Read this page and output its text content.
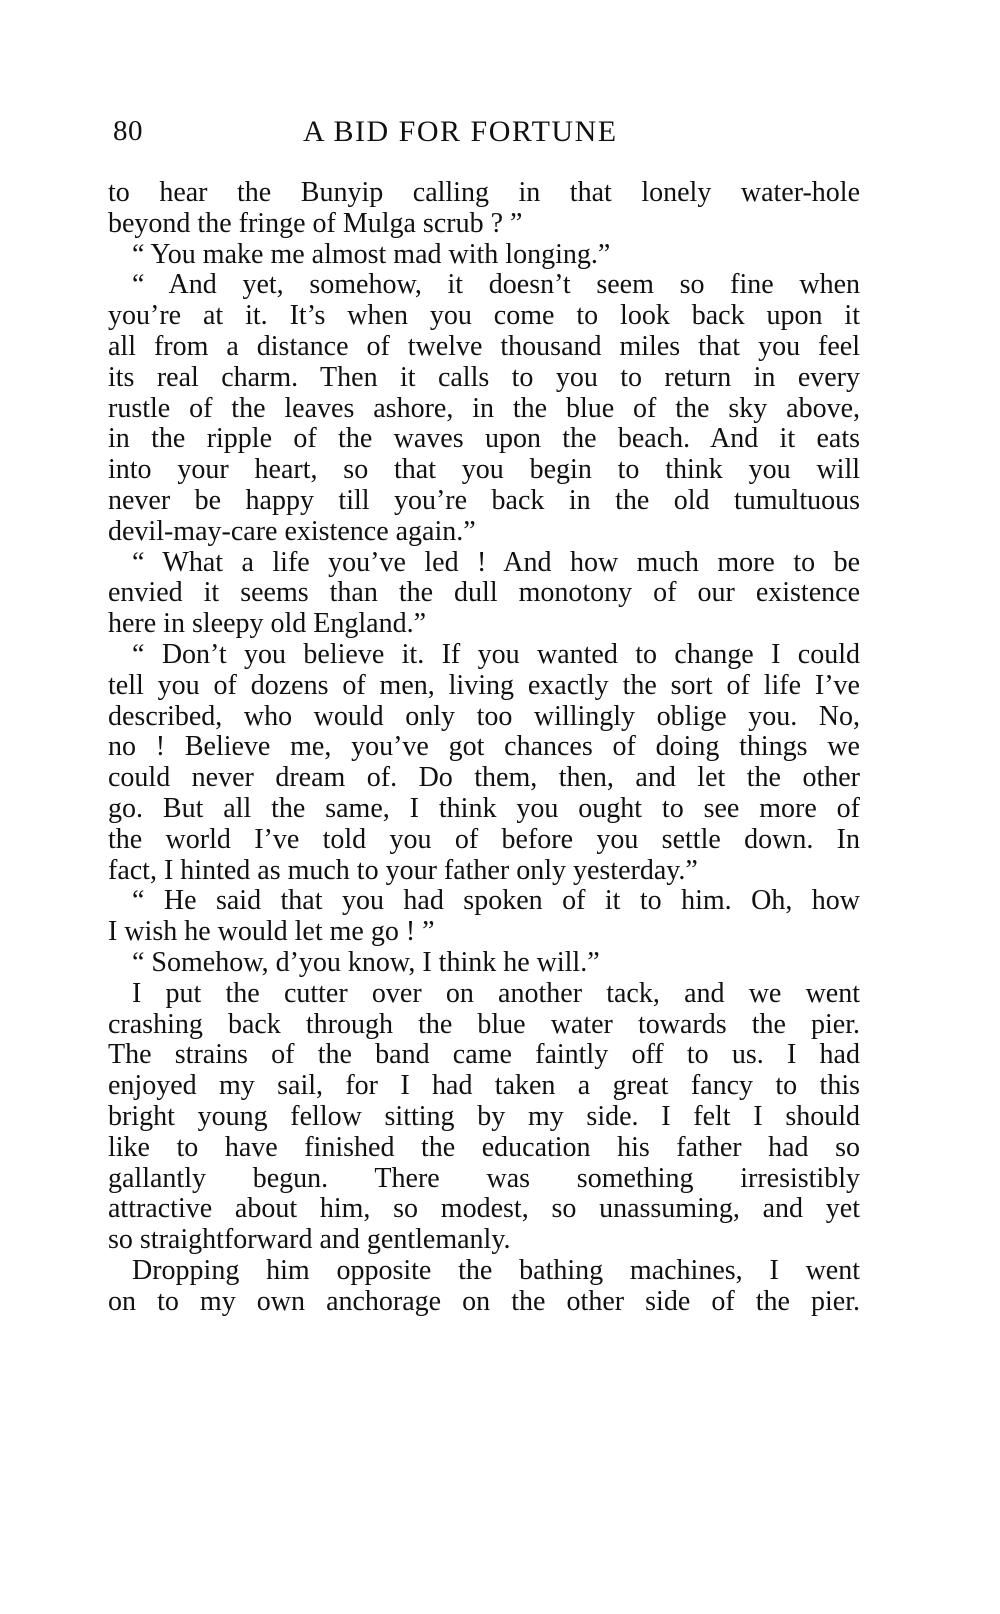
80	A BID FOR FORTUNE
to hear the Bunyip calling in that lonely water-hole
beyond the fringe of Mulga scrub ? ”
“ You make me almost mad with longing.”
“ And yet, somehow, it doesn’t seem so fine when
you’re at it. It’s when you come to look back upon it
all from a distance of twelve thousand miles that you feel
its real charm. Then it calls to you to return in every
rustle of the leaves ashore, in the blue of the sky above,
in the ripple of the waves upon the beach. And it eats
into your heart, so that you begin to think you will
never be happy till you’re back in the old tumultuous
devil-may-care existence again.”
“ What a life you’ve led ! And how much more to be
envied it seems than the dull monotony of our existence
here in sleepy old England.”
“ Don’t you believe it. If you wanted to change I could
tell you of dozens of men, living exactly the sort of life I’ve
described, who would only too willingly oblige you. No,
no ! Believe me, you’ve got chances of doing things we
could never dream of. Do them, then, and let the other
go. But all the same, I think you ought to see more of
the world I’ve told you of before you settle down. In
fact, I hinted as much to your father only yesterday.”
“ He said that you had spoken of it to him. Oh, how
I wish he would let me go ! ”
“ Somehow, d’you know, I think he will.”
I put the cutter over on another tack, and we went
crashing back through the blue water towards the pier.
The strains of the band came faintly off to us. I had
enjoyed my sail, for I had taken a great fancy to this
bright young fellow sitting by my side. I felt I should
like to have finished the education his father had so
gallantly begun. There was something irresistibly
attractive about him, so modest, so unassuming, and yet
so straightforward and gentlemanly.
Dropping him opposite the bathing machines, I went
on to my own anchorage on the other side of the pier.
